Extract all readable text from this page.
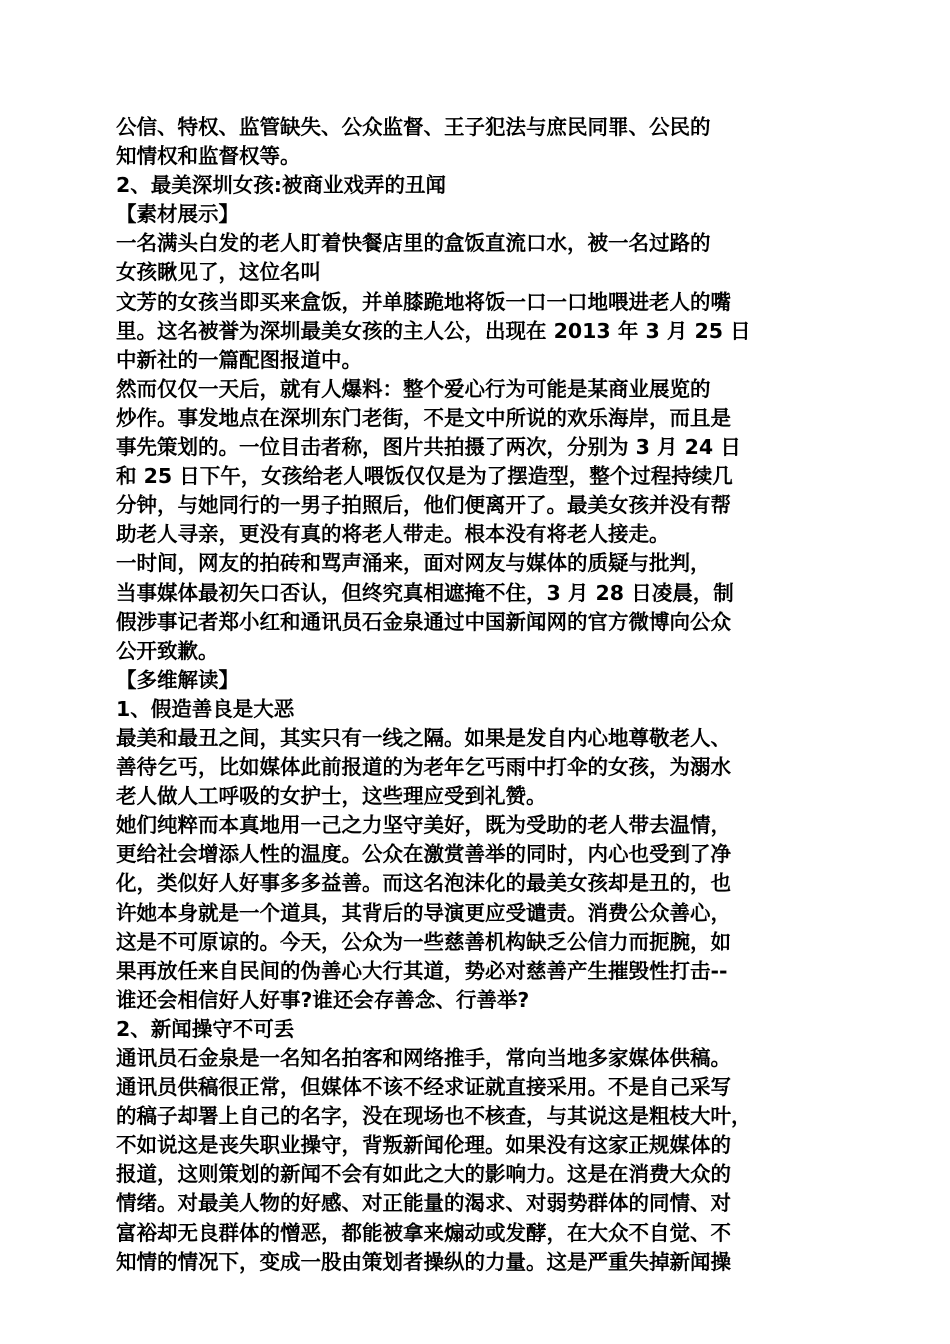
公信、特权、监管缺失、公众监督、王子犯法与庶民同罪、公民的
知情权和监督权等。
2、最美深圳女孩:被商业戏弄的丑闻
【素材展示】
一名满头白发的老人盯着快餐店里的盒饭直流口水，被一名过路的
女孩瞅见了，这位名叫
文芳的女孩当即买来盒饭，并单膝跪地将饭一口一口地喂进老人的嘴
里。这名被誉为深圳最美女孩的主人公，出现在 2013 年 3 月 25 日
中新社的一篇配图报道中。
然而仅仅一天后，就有人爆料：整个爱心行为可能是某商业展览的
炒作。事发地点在深圳东门老街，不是文中所说的欢乐海岸，而且是
事先策划的。一位目击者称，图片共拍摄了两次，分别为 3 月 24 日
和 25 日下午，女孩给老人喂饭仅仅是为了摆造型，整个过程持续几
分钟，与她同行的一男子拍照后，他们便离开了。最美女孩并没有帮
助老人寻亲，更没有真的将老人带走。根本没有将老人接走。
一时间，网友的拍砖和骂声涌来，面对网友与媒体的质疑与批判，
当事媒体最初矢口否认，但终究真相遮掩不住，3 月 28 日凌晨，制
假涉事记者郑小红和通讯员石金泉通过中国新闻网的官方微博向公众
公开致歉。
【多维解读】
1、假造善良是大恶
最美和最丑之间，其实只有一线之隔。如果是发自内心地尊敬老人、
善待乞丐，比如媒体此前报道的为老年乞丐雨中打伞的女孩，为溺水
老人做人工呼吸的女护士，这些理应受到礼赞。
她们纯粹而本真地用一己之力坚守美好，既为受助的老人带去温情，
更给社会增添人性的温度。公众在激赏善举的同时，内心也受到了净
化，类似好人好事多多益善。而这名泡沫化的最美女孩却是丑的，也
许她本身就是一个道具，其背后的导演更应受谴责。消费公众善心，
这是不可原谅的。今天，公众为一些慈善机构缺乏公信力而扼腕，如
果再放任来自民间的伪善心大行其道，势必对慈善产生摧毁性打击--
谁还会相信好人好事?谁还会存善念、行善举?
2、新闻操守不可丢
通讯员石金泉是一名知名拍客和网络推手，常向当地多家媒体供稿。
通讯员供稿很正常，但媒体不该不经求证就直接采用。不是自己采写
的稿子却署上自己的名字，没在现场也不核查，与其说这是粗枝大叶，
不如说这是丧失职业操守，背叛新闻伦理。如果没有这家正规媒体的
报道，这则策划的新闻不会有如此之大的影响力。这是在消费大众的
情绪。对最美人物的好感、对正能量的渴求、对弱势群体的同情、对
富裕却无良群体的憎恶，都能被拿来煽动或发酵，在大众不自觉、不
知情的情况下，变成一股由策划者操纵的力量。这是严重失掉新闻操
